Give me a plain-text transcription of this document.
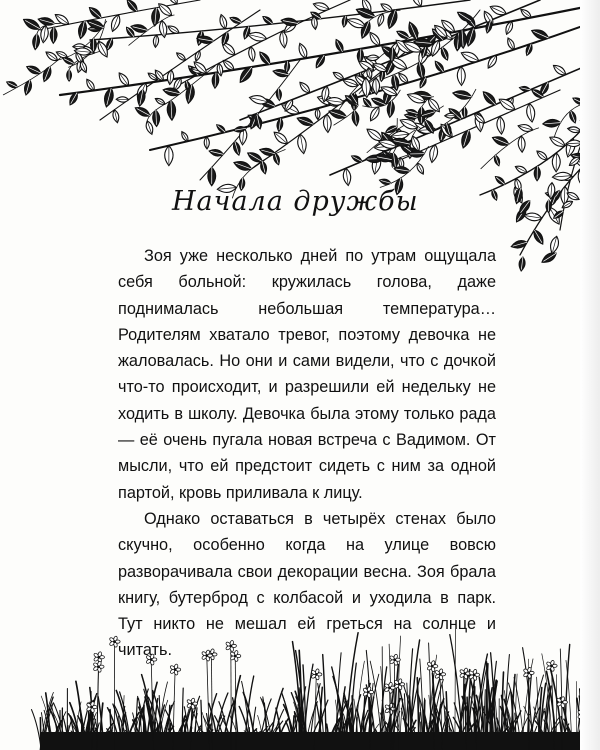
Начала дружбы

Зоя уже несколько дней по утрам ощущала себя больной: кружилась голова, даже поднималась небольшая температура… Родителям хватало тревог, поэтому девочка не жаловалась. Но они и сами видели, что с дочкой что-то происходит, и разрешили ей недельку не ходить в школу. Девочка была этому только рада — её очень пугала новая встреча с Вадимом. От мысли, что ей предстоит сидеть с ним за одной партой, кровь приливала к лицу.

Однако оставаться в четырёх стенах было скучно, особенно когда на улице вовсю разворачивала свои декорации весна. Зоя брала книгу, бутерброд с колбасой и уходила в парк. Тут никто не мешал ей греться на солнце и читать.
